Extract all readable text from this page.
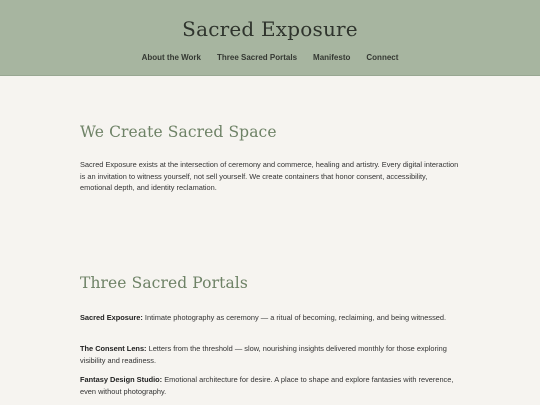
Sacred Exposure
About the Work Three Sacred Portals Manifesto Connect
We Create Sacred Space

Sacred Exposure exists at the intersection of ceremony and commerce, healing and artistry. Every digital interaction is an invitation to witness yourself, not sell yourself. We create containers that honor consent, accessibility, emotional depth, and identity reclamation.

Three Sacred Portals

Sacred Exposure: Intimate photography as ceremony — a ritual of becoming, reclaiming, and being witnessed.

The Consent Lens: Letters from the threshold — slow, nourishing insights delivered monthly for those exploring visibility and readiness.

Fantasy Design Studio: Emotional architecture for desire. A place to shape and explore fantasies with reverence, even without photography.
